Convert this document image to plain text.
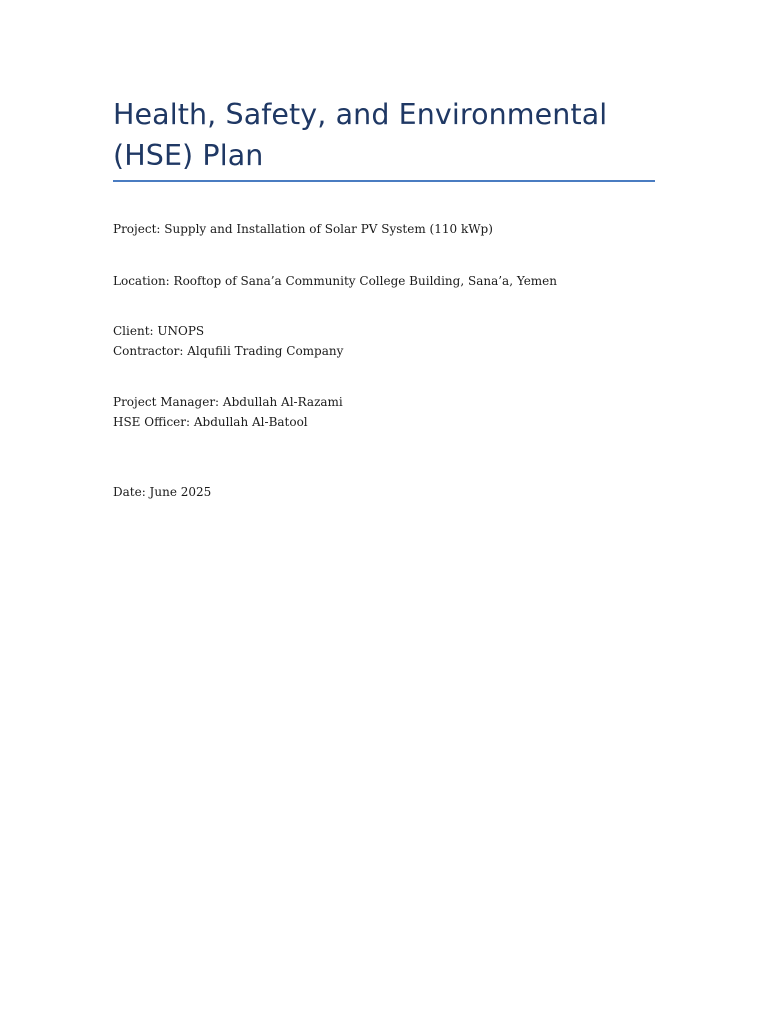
Health, Safety, and Environmental (HSE) Plan

Project: Supply and Installation of Solar PV System (110 kWp)

Location: Rooftop of Sana’a Community College Building, Sana’a, Yemen

Client: UNOPS

Contractor: Alqufili Trading Company

Project Manager: Abdullah Al-Razami

HSE Officer: Abdullah Al-Batool

Date: June 2025
